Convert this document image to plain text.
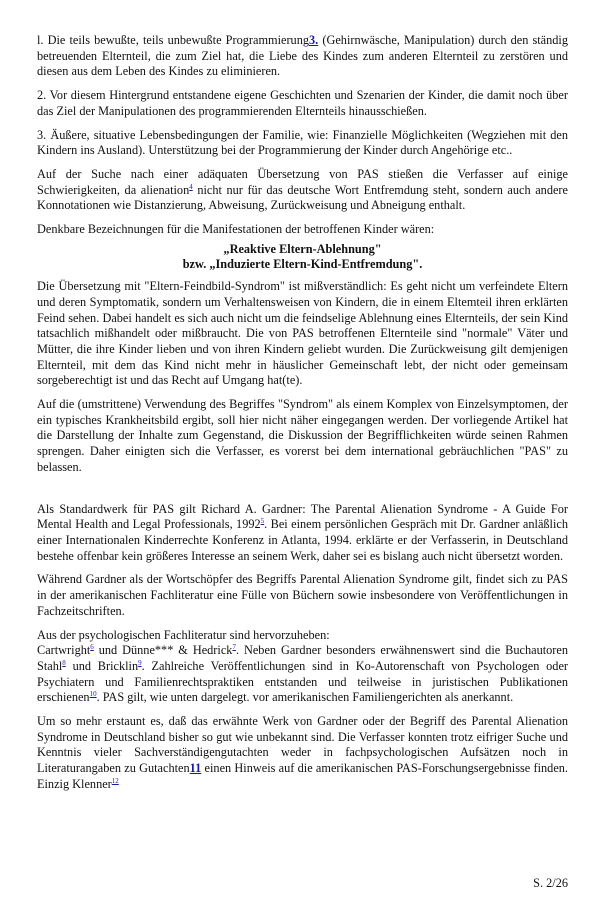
l. Die teils bewußte, teils unbewußte Programmierung3. (Gehirnwäsche, Manipulation) durch den ständig betreuenden Elternteil, die zum Ziel hat, die Liebe des Kindes zum anderen Elternteil zu zerstören und diesen aus dem Leben des Kindes zu eliminieren.

2. Vor diesem Hintergrund entstandene eigene Geschichten und Szenarien der Kinder, die damit noch über das Ziel der Manipulationen des programmierenden Elternteils hinausschießen.

3. Äußere, situative Lebensbedingungen der Familie, wie: Finanzielle Möglichkeiten (Wegziehen mit den Kindern ins Ausland). Unterstützung bei der Programmierung der Kinder durch Angehörige etc..

Auf der Suche nach einer adäquaten Übersetzung von PAS stießen die Verfasser auf einige Schwierigkeiten, da alienation$^4$ nicht nur für das deutsche Wort Entfremdung steht, sondern auch andere Konnotationen wie Distanzierung, Abweisung, Zurückweisung und Abneigung enthalt.

Denkbare Bezeichnungen für die Manifestationen der betroffenen Kinder wären:

„Reaktive Eltern-Ablehnung"
bzw. „Induzierte Eltern-Kind-Entfremdung".

Die Übersetzung mit "Eltern-Feindbild-Syndrom" ist mißverständlich: Es geht nicht um verfeindete Eltern und deren Symptomatik, sondern um Verhaltensweisen von Kindern, die in einem Eltemteil ihren erklärten Feind sehen. Dabei handelt es sich auch nicht um die feindselige Ablehnung eines Elternteils, der sein Kind tatsachlich mißhandelt oder mißbraucht. Die von PAS betroffenen Elternteile sind "normale" Väter und Mütter, die ihre Kinder lieben und von ihren Kindern geliebt wurden. Die Zurückweisung gilt demjenigen Elternteil, mit dem das Kind nicht mehr in häuslicher Gemeinschaft lebt, der nicht oder gemeinsam sorgeberechtigt ist und das Recht auf Umgang hat(te).

Auf die (umstrittene) Verwendung des Begriffes "Syndrom" als einem Komplex von Einzelsymptomen, der ein typisches Krankheitsbild ergibt, soll hier nicht näher eingegangen werden. Der vorliegende Artikel hat die Darstellung der Inhalte zum Gegenstand, die Diskussion der Begrifflichkeiten würde seinen Rahmen sprengen. Daher einigten sich die Verfasser, es vorerst bei dem international gebräuchlichen "PAS" zu belassen.

Als Standardwerk für PAS gilt Richard A. Gardner: The Parental Alienation Syndrome - A Guide For Mental Health and Legal Professionals, 1992$^5$. Bei einem persönlichen Gespräch mit Dr. Gardner anläßlich einer Internationalen Kinderrechte Konferenz in Atlanta, 1994. erklärte er der Verfasserin, in Deutschland bestehe offenbar kein größeres Interesse an seinem Werk, daher sei es bislang auch nicht übersetzt worden.

Während Gardner als der Wortschöpfer des Begriffs Parental Alienation Syndrome gilt, findet sich zu PAS in der amerikanischen Fachliteratur eine Fülle von Büchern sowie insbesondere von Veröffentlichungen in Fachzeitschriften.

Aus der psychologischen Fachliteratur sind hervorzuheben:
Cartwright$^6$ und Dünne*** & Hedrick$^7$. Neben Gardner besonders erwähnenswert sind die Buchautoren Stahl$^8$ und Bricklin$^9$. Zahlreiche Veröffentlichungen sind in Ko-Autorenschaft von Psychologen oder Psychiatern und Familienrechtspraktiken entstanden und teilweise in juristischen Publikationen erschienen$^{10}$. PAS gilt, wie unten dargelegt. vor amerikanischen Familiengerichten als anerkannt.

Um so mehr erstaunt es, daß das erwähnte Werk von Gardner oder der Begriff des Parental Alienation Syndrome in Deutschland bisher so gut wie unbekannt sind. Die Verfasser konnten trotz eifriger Suche und Kenntnis vieler Sachverständigengutachten weder in fachpsychologischen Aufsätzen noch in Literaturangaben zu Gutachten11 einen Hinweis auf die amerikanischen PAS-Forschungsergebnisse finden. Einzig Klenner$^{12}$

S. 2/26
